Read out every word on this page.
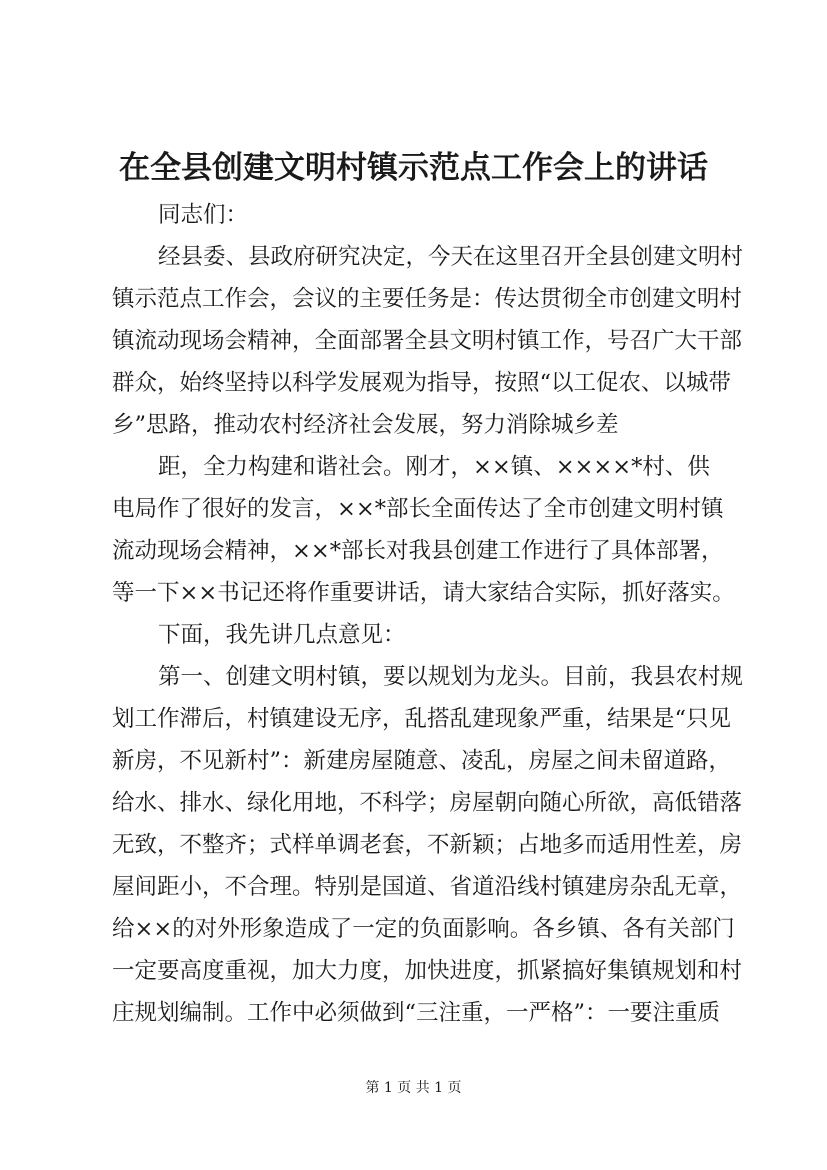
在全县创建文明村镇示范点工作会上的讲话
同志们：
经县委、县政府研究决定，今天在这里召开全县创建文明村
镇示范点工作会，会议的主要任务是：传达贯彻全市创建文明村
镇流动现场会精神，全面部署全县文明村镇工作，号召广大干部
群众，始终坚持以科学发展观为指导，按照“以工促农、以城带
乡”思路，推动农村经济社会发展，努力消除城乡差
距，全力构建和谐社会。刚才，××镇、××××*村、供
电局作了很好的发言，××*部长全面传达了全市创建文明村镇
流动现场会精神，××*部长对我县创建工作进行了具体部署，
等一下××书记还将作重要讲话，请大家结合实际，抓好落实。
下面，我先讲几点意见：
第一、创建文明村镇，要以规划为龙头。目前，我县农村规
划工作滞后，村镇建设无序，乱搭乱建现象严重，结果是“只见
新房，不见新村”：新建房屋随意、凌乱，房屋之间未留道路，
给水、排水、绿化用地，不科学；房屋朝向随心所欲，高低错落
无致，不整齐；式样单调老套，不新颖；占地多而适用性差，房
屋间距小，不合理。特别是国道、省道沿线村镇建房杂乱无章，
给××的对外形象造成了一定的负面影响。各乡镇、各有关部门
一定要高度重视，加大力度，加快进度，抓紧搞好集镇规划和村
庄规划编制。工作中必须做到“三注重，一严格”：一要注重质
第 1 页 共 1 页
